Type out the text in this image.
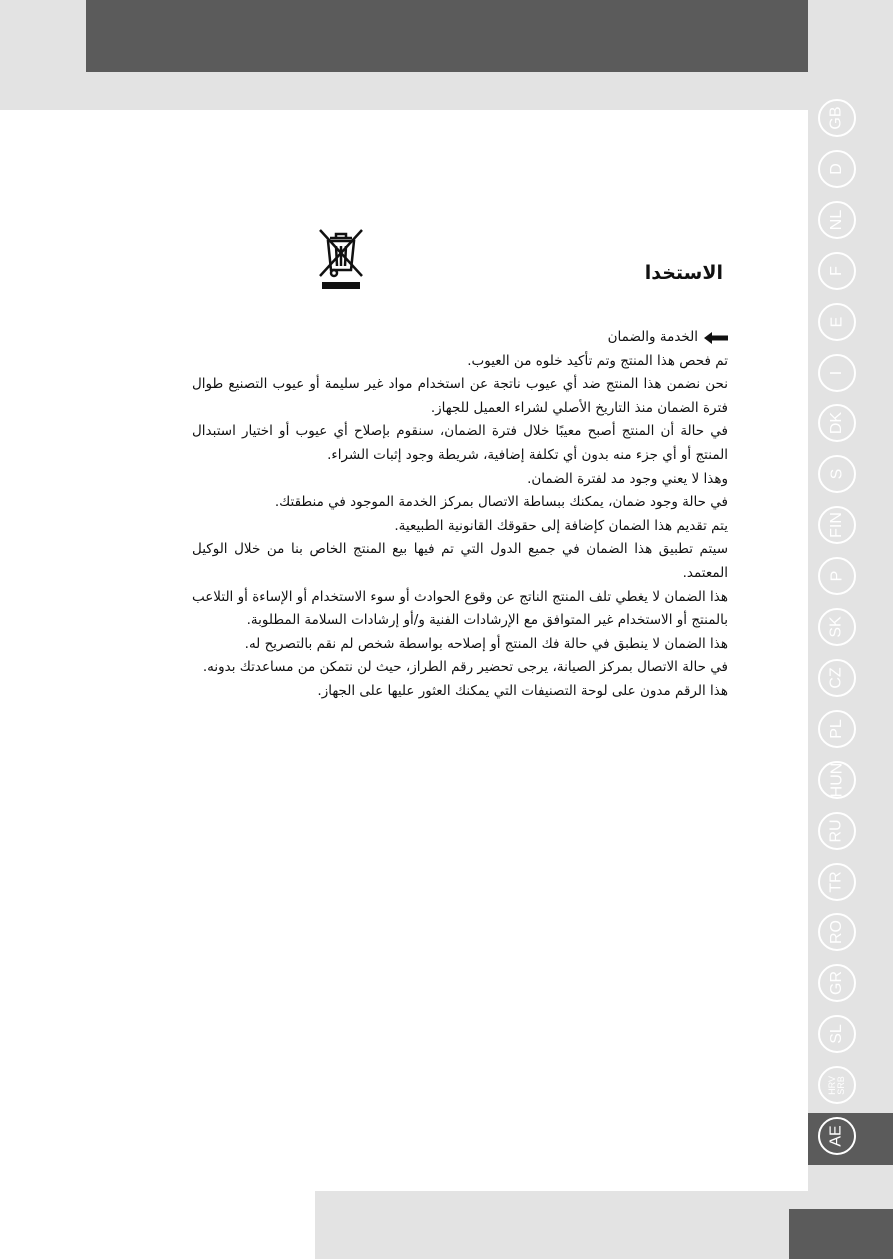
GB
D
NL
F
E
I
DK
S
FIN
P
SK
CZ
PL
HUN
RU
TR
RO
GR
SL
HRV
SRB
AE
الاستخدا
الخدمة والضمان

تم فحص هذا المنتج وتم تأكيد خلوه من العيوب.

نحن نضمن هذا المنتج ضد أي عيوب ناتجة عن استخدام مواد غير سليمة أو عيوب التصنيع طوال فترة الضمان منذ التاريخ الأصلي لشراء العميل للجهاز.

في حالة أن المنتج أصبح معيبًا خلال فترة الضمان، سنقوم بإصلاح أي عيوب أو اختيار استبدال المنتج أو أي جزء منه بدون أي تكلفة إضافية، شريطة وجود إثبات الشراء.

وهذا لا يعني وجود مد لفترة الضمان.

في حالة وجود ضمان، يمكنك ببساطة الاتصال بمركز الخدمة الموجود في منطقتك.

يتم تقديم هذا الضمان كإضافة إلى حقوقك القانونية الطبيعية.

سيتم تطبيق هذا الضمان في جميع الدول التي تم فيها بيع المنتج الخاص بنا من خلال الوكيل المعتمد.

هذا الضمان لا يغطي تلف المنتج الناتج عن وقوع الحوادث أو سوء الاستخدام أو الإساءة أو التلاعب بالمنتج أو الاستخدام غير المتوافق مع الإرشادات الفنية و/أو إرشادات السلامة المطلوبة.

هذا الضمان لا ينطبق في حالة فك المنتج أو إصلاحه بواسطة شخص لم نقم بالتصريح له.

في حالة الاتصال بمركز الصيانة، يرجى تحضير رقم الطراز، حيث لن نتمكن من مساعدتك بدونه.

هذا الرقم مدون على لوحة التصنيفات التي يمكنك العثور عليها على الجهاز.
